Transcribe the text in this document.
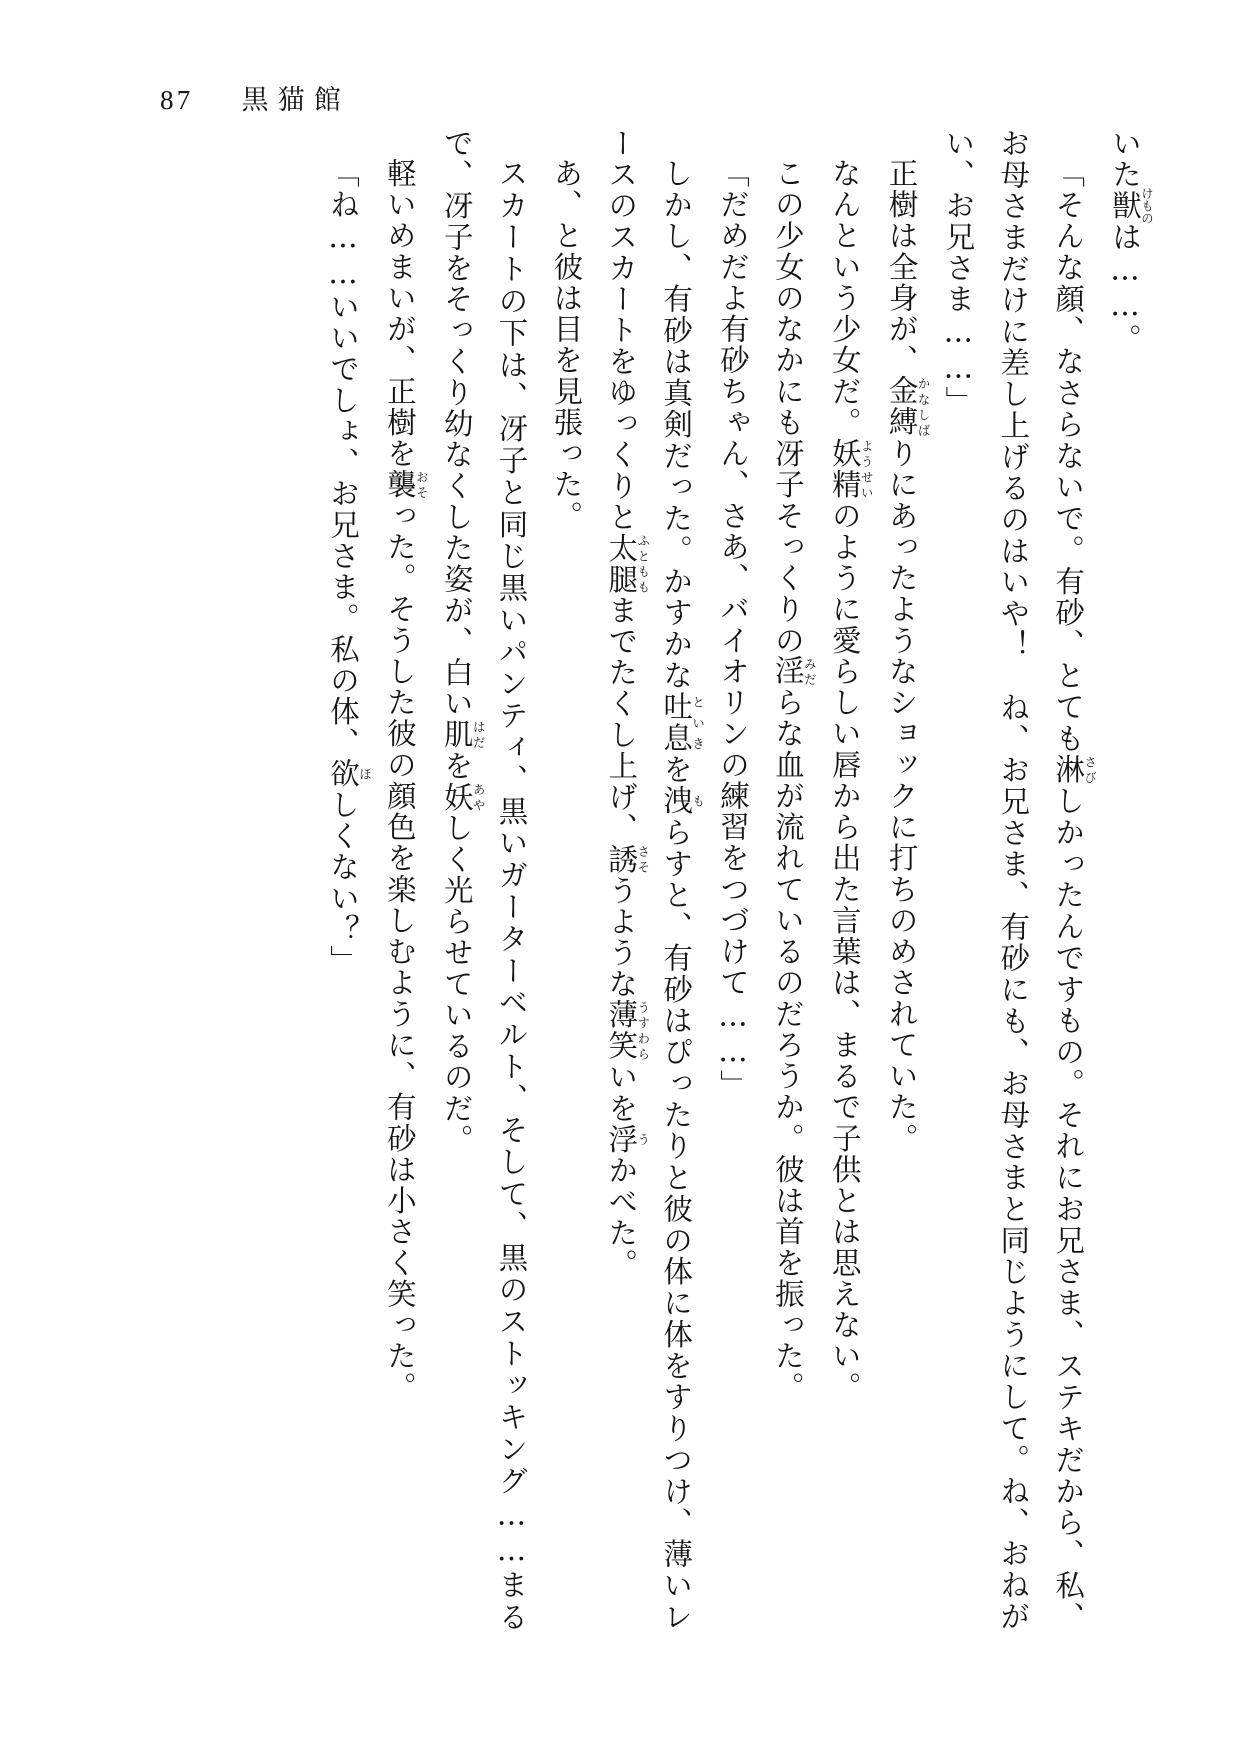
87 黒猫館

いた獣けものは……。

「そんな顔、なさらないで。有砂、とても淋さびしかったんですもの。それにお兄さま、ステキだから、私、お母さまだけに差し上げるのはいや！　ね、お兄さま、有砂にも、お母さまと同じようにして。ね、おねがい、お兄さま……」

正樹は全身が、金縛かなしばりにあったようなショックに打ちのめされていた。

なんという少女だ。妖精ようせいのように愛らしい唇から出た言葉は、まるで子供とは思えない。

この少女のなかにも冴子そっくりの淫みだらな血が流れているのだろうか。彼は首を振った。

「だめだよ有砂ちゃん、さあ、バイオリンの練習をつづけて……」

しかし、有砂は真剣だった。かすかな吐息といきを洩もらすと、有砂はぴったりと彼の体に体をすりつけ、薄いレースのスカートをゆっくりと太腿ふとももまでたくし上げ、誘さそうような薄笑うすわらいを浮うかべた。

あ、と彼は目を見張った。

スカートの下は、冴子と同じ黒いパンティ、黒いガーターベルト、そして、黒のストッキング……まるで、冴子をそっくり幼なくした姿が、白い肌はだを妖あやしく光らせているのだ。

軽いめまいが、正樹を襲おそった。そうした彼の顔色を楽しむように、有砂は小さく笑った。

「ね……いいでしょ、お兄さま。私の体、欲ほしくない？」
